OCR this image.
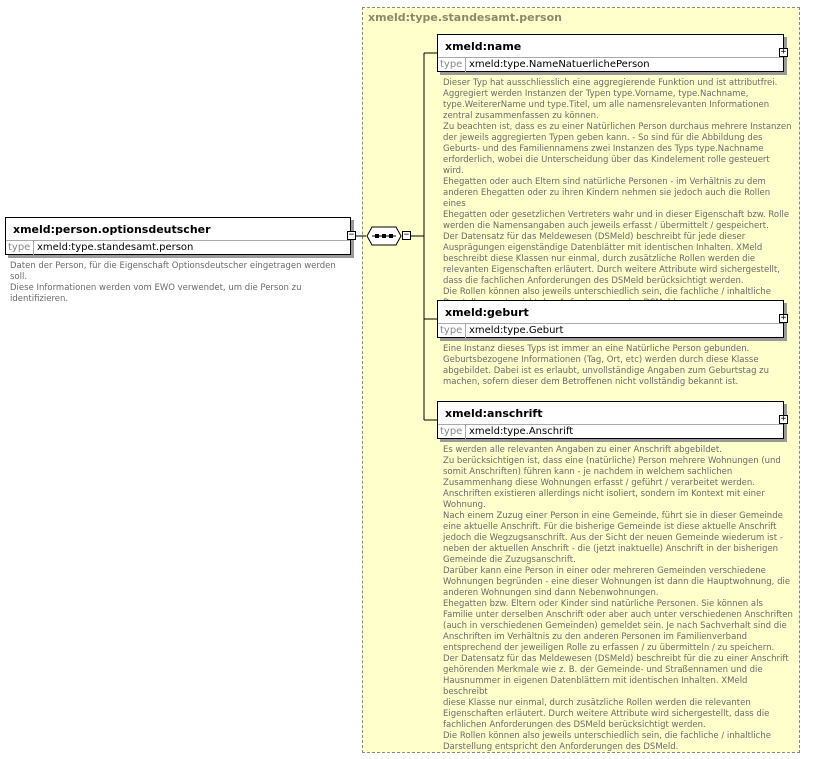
xmeld:type.standesamt.person
xmeld:person.optionsdeutscher
type xmeld:type.standesamt.person
−
Daten der Person, für die Eigenschaft Optionsdeutscher eingetragen werden soll.
Diese Informationen werden vom EWO verwendet, um die Person zu
identifizieren.
−
xmeld:name
type xmeld:type.NameNatuerlichePerson
+
Dieser Typ hat ausschliesslich eine aggregierende Funktion und ist attributfrei.
Aggregiert werden Instanzen der Typen type.Vorname, type.Nachname,
type.WeitererName und type.Titel, um alle namensrelevanten Informationen
zentral zusammenfassen zu können.
Zu beachten ist, dass es zu einer Natürlichen Person durchaus mehrere Instanzen
der jeweils aggregierten Typen geben kann. - So sind für die Abbildung des
Geburts- und des Familiennamens zwei Instanzen des Typs type.Nachname
erforderlich, wobei die Unterscheidung über das Kindelement rolle gesteuert wird.
Ehegatten oder auch Eltern sind natürliche Personen - im Verhältnis zu dem
anderen Ehegatten oder zu ihren Kindern nehmen sie jedoch auch die Rollen eines
Ehegatten oder gesetzlichen Vertreters wahr und in dieser Eigenschaft bzw. Rolle
werden die Namensangaben auch jeweils erfasst / übermittelt / gespeichert.
Der Datensatz für das Meldewesen (DSMeld) beschreibt für jede dieser
Ausprägungen eigenständige Datenblätter mit identischen Inhalten. XMeld
beschreibt diese Klassen nur einmal, durch zusätzliche Rollen werden die
relevanten Eigenschaften erläutert. Durch weitere Attribute wird sichergestellt,
dass die fachlichen Anforderungen des DSMeld berücksichtigt werden.
Die Rollen können also jeweils unterschiedlich sein, die fachliche / inhaltliche

xmeld:geburt
type xmeld:type.Geburt
+
Eine Instanz dieses Typs ist immer an eine Natürliche Person gebunden.
Geburtsbezogene Informationen (Tag, Ort, etc) werden durch diese Klasse
abgebildet. Dabei ist es erlaubt, unvollständige Angaben zum Geburtstag zu
machen, sofern dieser dem Betroffenen nicht vollständig bekannt ist.
xmeld:anschrift
type xmeld:type.Anschrift
+
Es werden alle relevanten Angaben zu einer Anschrift abgebildet.
Zu berücksichtigen ist, dass eine (natürliche) Person mehrere Wohnungen (und
somit Anschriften) führen kann - je nachdem in welchem sachlichen
Zusammenhang diese Wohnungen erfasst / geführt / verarbeitet werden.
Anschriften existieren allerdings nicht isoliert, sondern im Kontext mit einer
Wohnung.
Nach einem Zuzug einer Person in eine Gemeinde, führt sie in dieser Gemeinde
eine aktuelle Anschrift. Für die bisherige Gemeinde ist diese aktuelle Anschrift
jedoch die Wegzugsanschrift. Aus der Sicht der neuen Gemeinde wiederum ist -
neben der aktuellen Anschrift - die (jetzt inaktuelle) Anschrift in der bisherigen
Gemeinde die Zuzugsanschrift.
Darüber kann eine Person in einer oder mehreren Gemeinden verschiedene
Wohnungen begründen - eine dieser Wohnungen ist dann die Hauptwohnung, die
anderen Wohnungen sind dann Nebenwohnungen.
Ehegatten bzw. Eltern oder Kinder sind natürliche Personen. Sie können als
Familie unter derselben Anschrift oder aber auch unter verschiedenen Anschriften
(auch in verschiedenen Gemeinden) gemeldet sein. Je nach Sachverhalt sind die
Anschriften im Verhältnis zu den anderen Personen im Familienverband
entsprechend der jeweiligen Rolle zu erfassen / zu übermitteln / zu speichern.
Der Datensatz für das Meldewesen (DSMeld) beschreibt für die zu einer Anschrift
gehörenden Merkmale wie z. B. der Gemeinde- und Straßennamen und die
Hausnummer in eigenen Datenblättern mit identischen Inhalten. XMeld beschreibt
diese Klasse nur einmal, durch zusätzliche Rollen werden die relevanten
Eigenschaften erläutert. Durch weitere Attribute wird sichergestellt, dass die
fachlichen Anforderungen des DSMeld berücksichtigt werden.
Die Rollen können also jeweils unterschiedlich sein, die fachliche / inhaltliche
Darstellung entspricht den Anforderungen des DSMeld.
